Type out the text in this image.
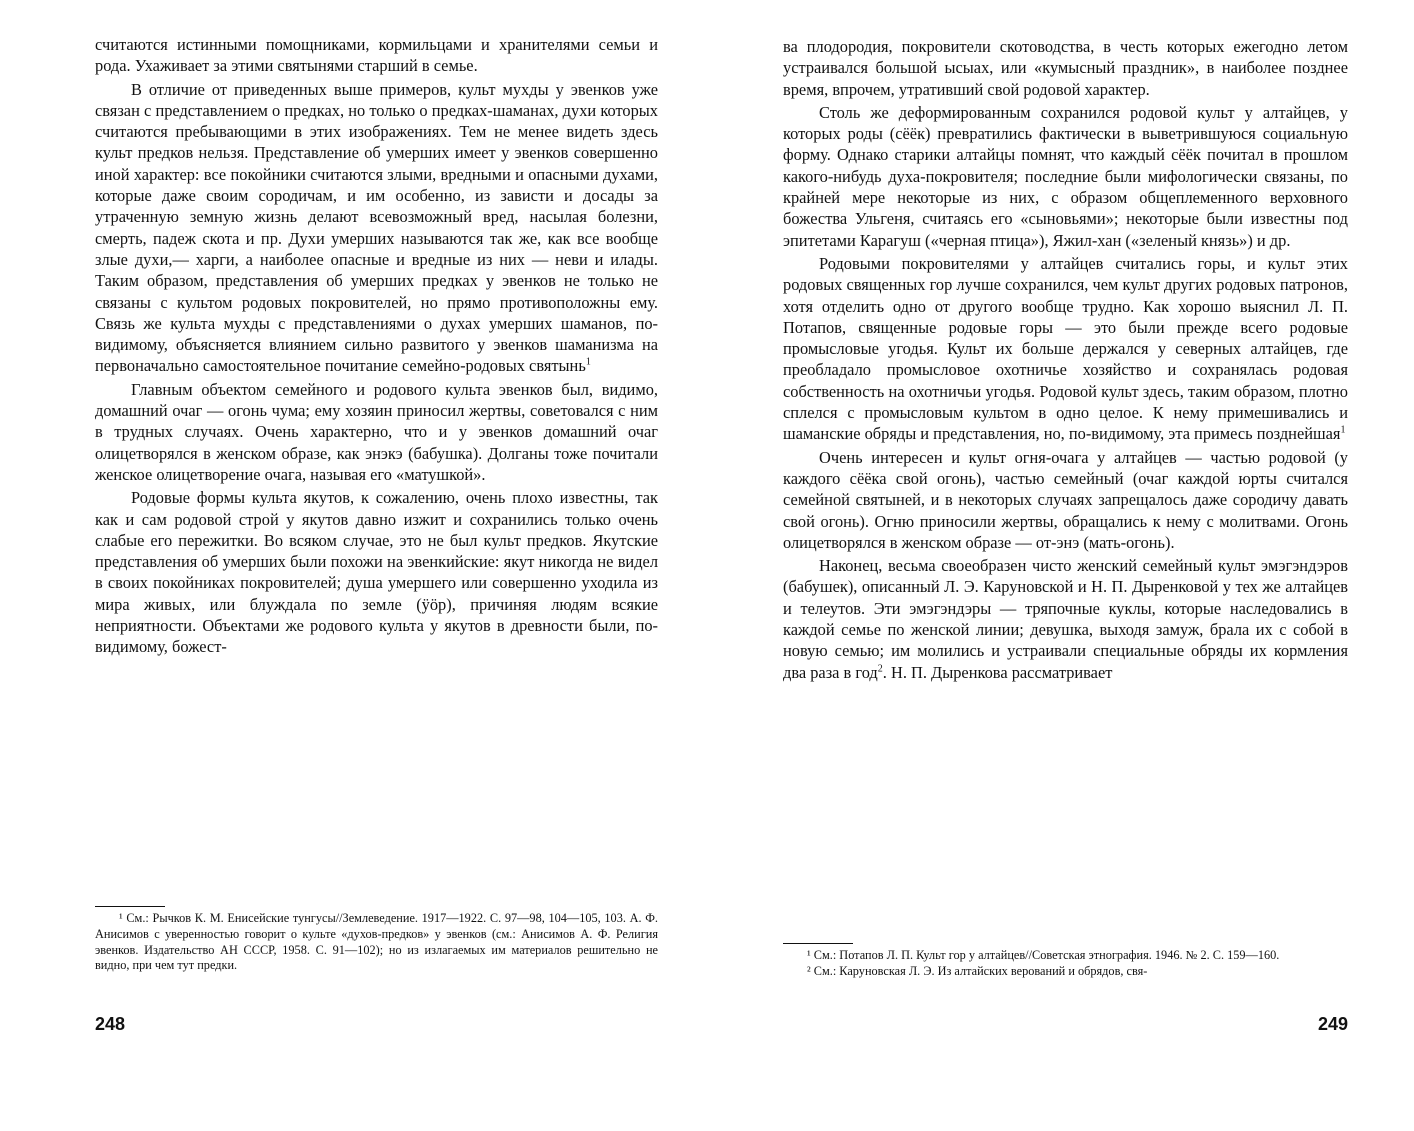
считаются истинными помощниками, кормильцами и хранителями семьи и рода. Ухаживает за этими святынями старший в семье.

В отличие от приведенных выше примеров, культ мухды у эвенков уже связан с представлением о предках, но только о предках-шаманах, духи которых считаются пребывающими в этих изображениях. Тем не менее видеть здесь культ предков нельзя. Представление об умерших имеет у эвенков совершенно иной характер: все покойники считаются злыми, вредными и опасными духами, которые даже своим сородичам, и им особенно, из зависти и досады за утраченную земную жизнь делают всевозможный вред, насылая болезни, смерть, падеж скота и пр. Духи умерших называются так же, как все вообще злые духи,— харги, а наиболее опасные и вредные из них — неви и илады. Таким образом, представления об умерших предках у эвенков не только не связаны с культом родовых покровителей, но прямо противоположны ему. Связь же культа мухды с представлениями о духах умерших шаманов, по-видимому, объясняется влиянием сильно развитого у эвенков шаманизма на первоначально самостоятельное почитание семейно-родовых святынь$^1$

Главным объектом семейного и родового культа эвенков был, видимо, домашний очаг — огонь чума; ему хозяин приносил жертвы, советовался с ним в трудных случаях. Очень характерно, что и у эвенков домашний очаг олицетворялся в женском образе, как энэкэ (бабушка). Долганы тоже почитали женское олицетворение очага, называя его «матушкой».

Родовые формы культа якутов, к сожалению, очень плохо известны, так как и сам родовой строй у якутов давно изжит и сохранились только очень слабые его пережитки. Во всяком случае, это не был культ предков. Якутские представления об умерших были похожи на эвенкийские: якут никогда не видел в своих покойниках покровителей; душа умершего или совершенно уходила из мира живых, или блуждала по земле (ӱӧр), причиняя людям всякие неприятности. Объектами же родового культа у якутов в древности были, по-видимому, божест-

¹ См.: Рычков К. М. Енисейские тунгусы//Землеведение. 1917—1922. С. 97—98, 104—105, 103. А. Ф. Анисимов с уверенностью говорит о культе «духов-предков» у эвенков (см.: Анисимов А. Ф. Религия эвенков. Издательство АН СССР, 1958. С. 91—102); но из излагаемых им материалов решительно не видно, при чем тут предки.

248

ва плодородия, покровители скотоводства, в честь которых ежегодно летом устраивался большой ысыах, или «кумысный праздник», в наиболее позднее время, впрочем, утративший свой родовой характер.

Столь же деформированным сохранился родовой культ у алтайцев, у которых роды (сёёк) превратились фактически в выветрившуюся социальную форму. Однако старики алтайцы помнят, что каждый сёёк почитал в прошлом какого-нибудь духа-покровителя; последние были мифологически связаны, по крайней мере некоторые из них, с образом общеплеменного верховного божества Ульгеня, считаясь его «сыновьями»; некоторые были известны под эпитетами Карагуш («черная птица»), Яжил-хан («зеленый князь») и др.

Родовыми покровителями у алтайцев считались горы, и культ этих родовых священных гор лучше сохранился, чем культ других родовых патронов, хотя отделить одно от другого вообще трудно. Как хорошо выяснил Л. П. Потапов, священные родовые горы — это были прежде всего родовые промысловые угодья. Культ их больше держался у северных алтайцев, где преобладало промысловое охотничье хозяйство и сохранялась родовая собственность на охотничьи угодья. Родовой культ здесь, таким образом, плотно сплелся с промысловым культом в одно целое. К нему примешивались и шаманские обряды и представления, но, по-видимому, эта примесь позднейшая$^1$

Очень интересен и культ огня-очага у алтайцев — частью родовой (у каждого сёёка свой огонь), частью семейный (очаг каждой юрты считался семейной святыней, и в некоторых случаях запрещалось даже сородичу давать свой огонь). Огню приносили жертвы, обращались к нему с молитвами. Огонь олицетворялся в женском образе — от-энэ (мать-огонь).

Наконец, весьма своеобразен чисто женский семейный культ эмэгэндэров (бабушек), описанный Л. Э. Каруновской и Н. П. Дыренковой у тех же алтайцев и телеутов. Эти эмэгэндэры — тряпочные куклы, которые наследовались в каждой семье по женской линии; девушка, выходя замуж, брала их с собой в новую семью; им молились и устраивали специальные обряды их кормления два раза в год$^2$. Н. П. Дыренкова рассматривает

¹ См.: Потапов Л. П. Культ гор у алтайцев//Советская этнография. 1946. № 2. С. 159—160.

² См.: Каруновская Л. Э. Из алтайских верований и обрядов, свя-

249
